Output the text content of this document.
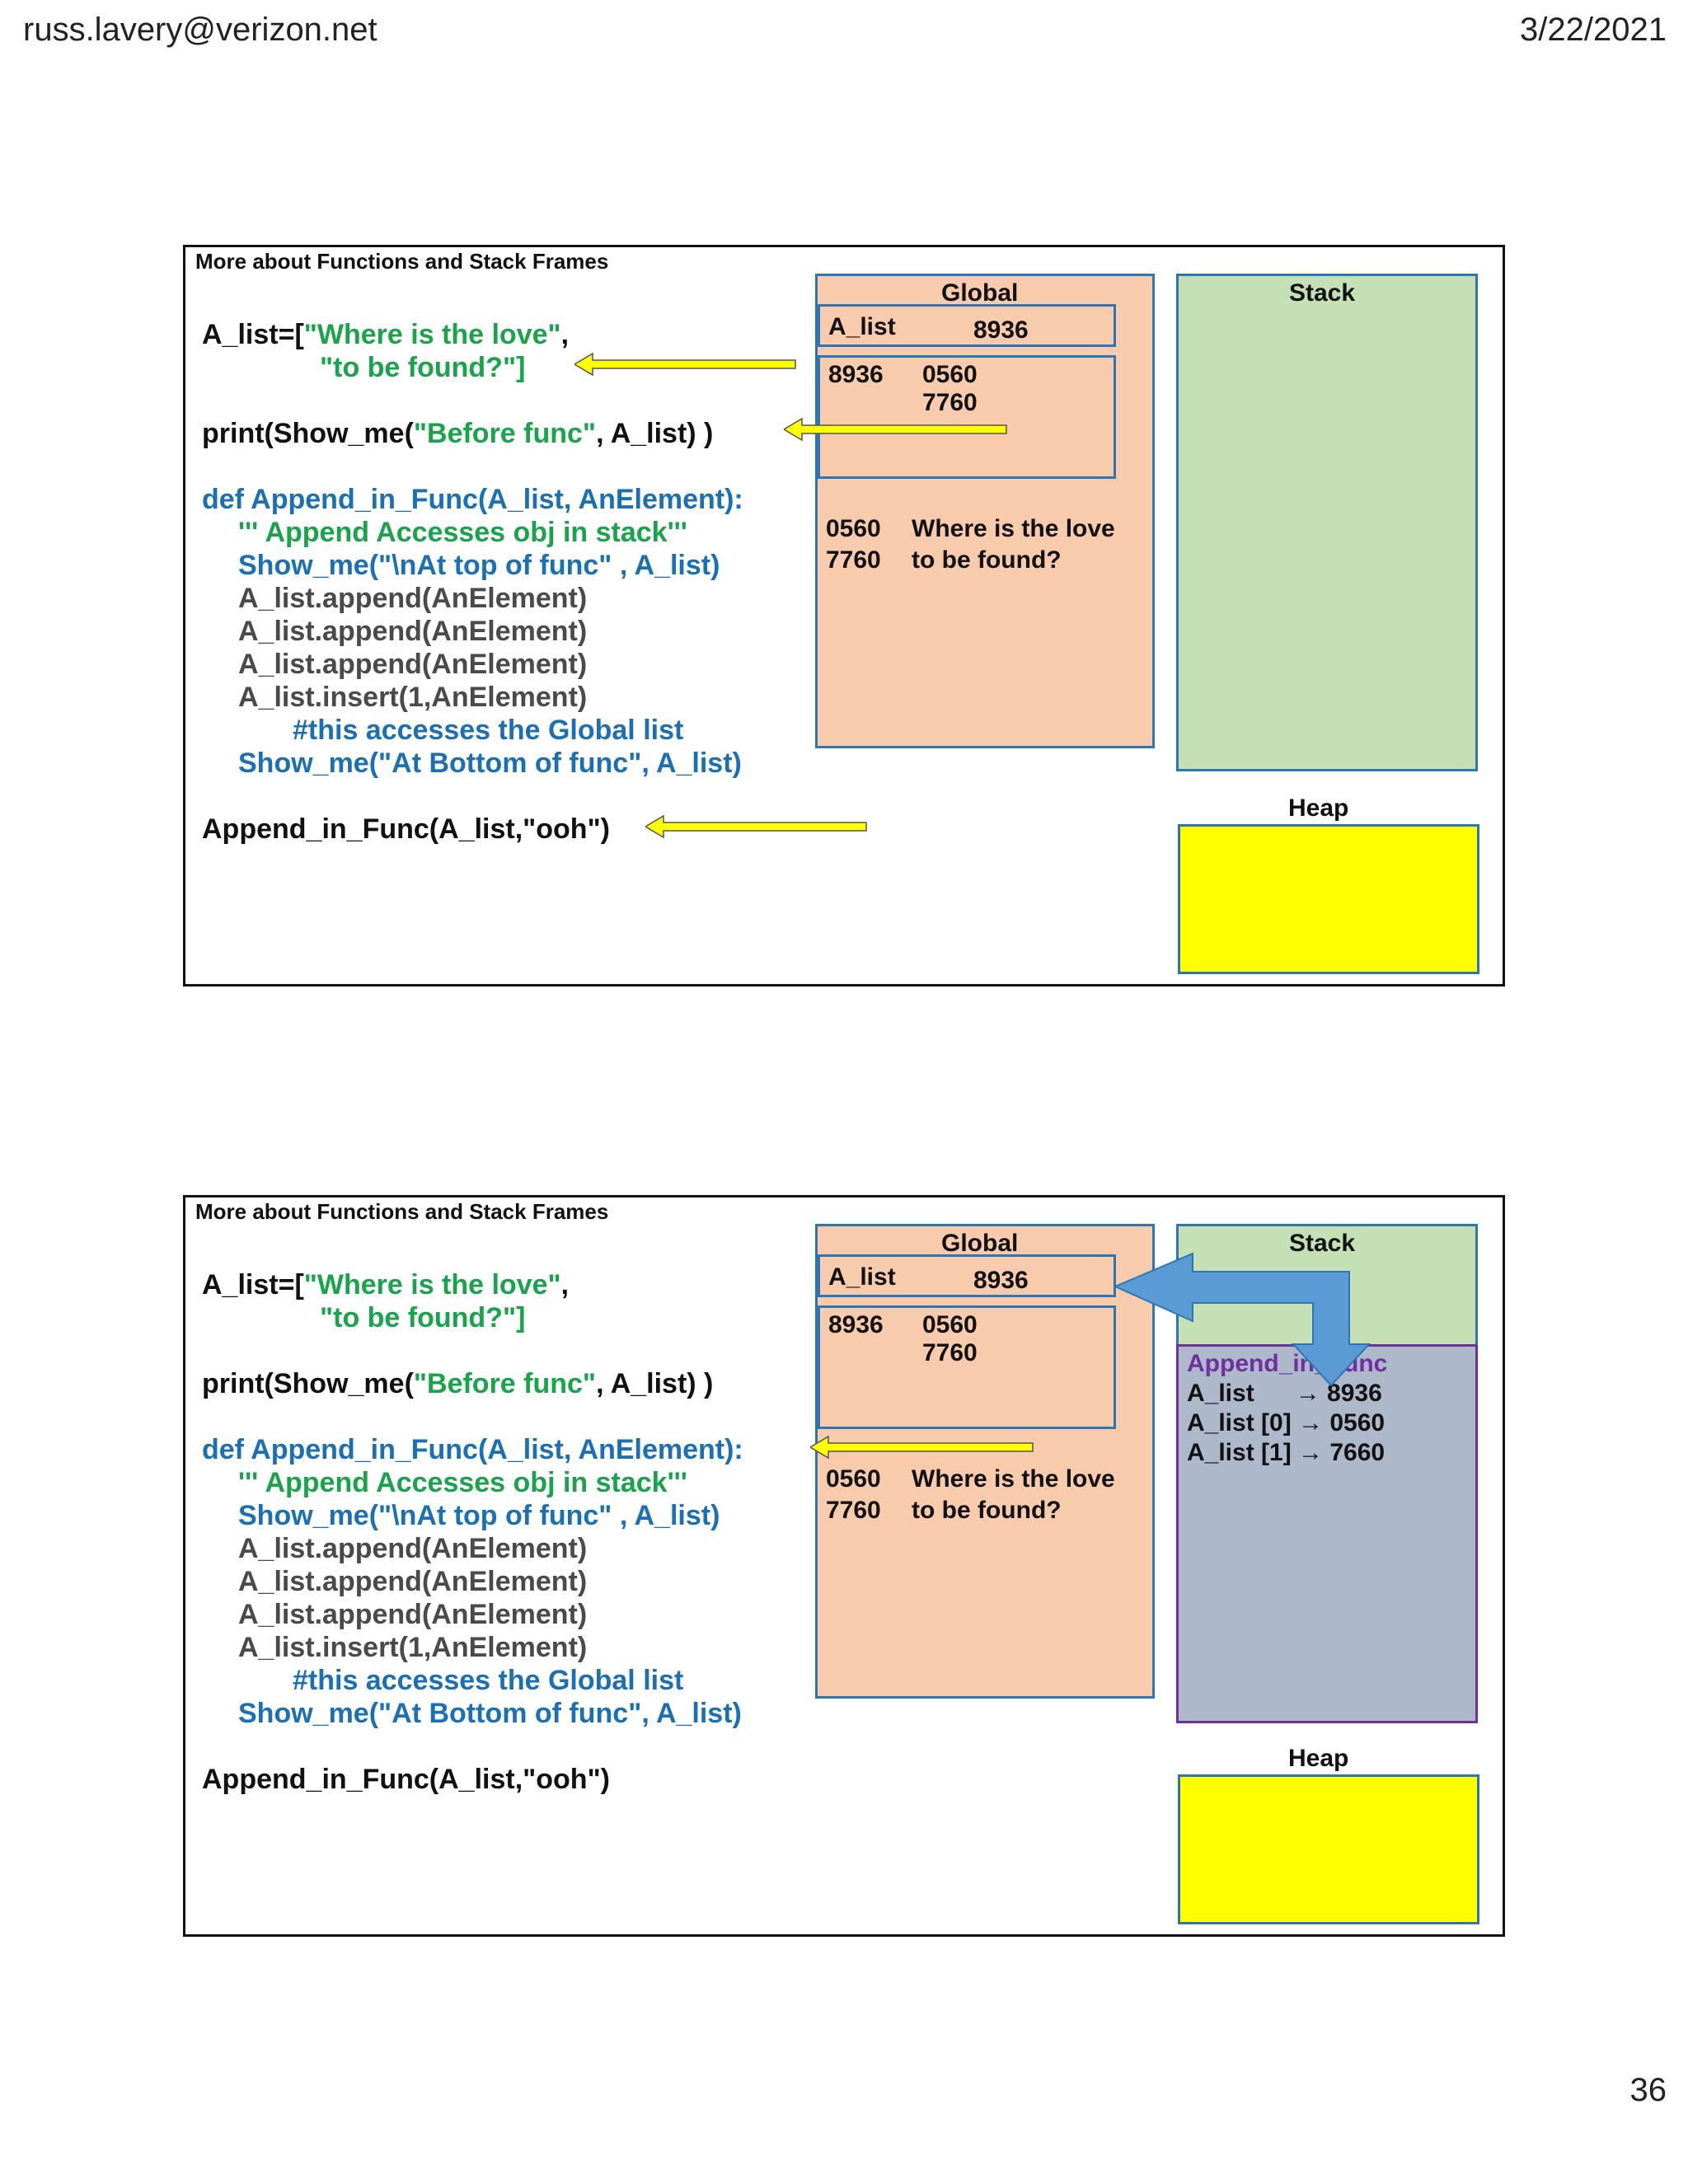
russ.lavery@verizon.net	3/22/2021
More about Functions and Stack Frames
A_list=["Where is the love",
"to be found?"]
print(Show_me("Before func", A_list) )
def Append_in_Func(A_list, AnElement):
''' Append Accesses obj in stack'''
Show_me("\nAt top of func" , A_list)
A_list.append(AnElement)
A_list.append(AnElement)
A_list.append(AnElement)
A_list.insert(1,AnElement)
#this accesses the Global list
Show_me("At Bottom of func", A_list)
Append_in_Func(A_list,"ooh")
Global
A_list	8936
8936 0560
7760
0560 Where is the love
7760 to be found?
Stack
Heap
More about Functions and Stack Frames
A_list=["Where is the love",
"to be found?"]
print(Show_me("Before func", A_list) )
def Append_in_Func(A_list, AnElement):
''' Append Accesses obj in stack'''
Show_me("\nAt top of func" , A_list)
A_list.append(AnElement)
A_list.append(AnElement)
A_list.append(AnElement)
A_list.insert(1,AnElement)
#this accesses the Global list
Show_me("At Bottom of func", A_list)
Append_in_Func(A_list,"ooh")
Global
A_list	8936
8936 0560
7760
0560 Where is the love
7760 to be found?
Stack
Append_in_Func
A_list      → 8936
A_list [0] → 0560
A_list [1] → 7660
Heap
36
